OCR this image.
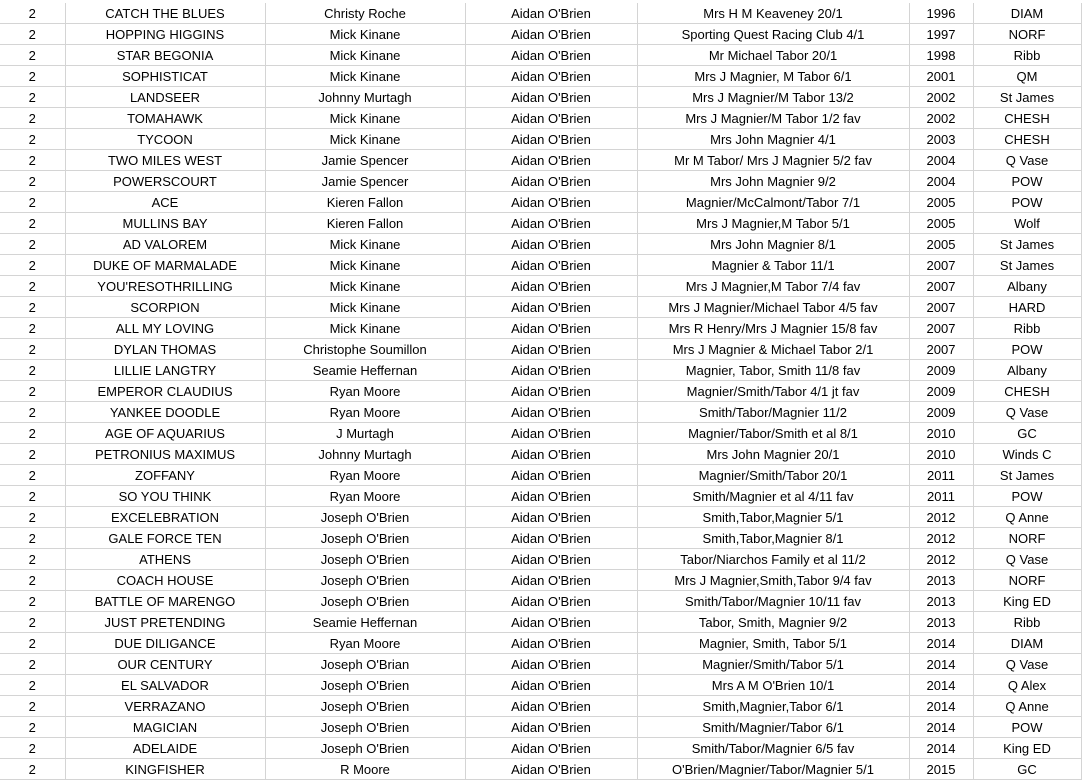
2	CATCH THE BLUES	Christy Roche	Aidan O'Brien	Mrs H M Keaveney 20/1	1996	DIAM
2	HOPPING HIGGINS	Mick Kinane	Aidan O'Brien	Sporting Quest Racing Club 4/1	1997	NORF
2	STAR BEGONIA	Mick Kinane	Aidan O'Brien	Mr Michael Tabor 20/1	1998	Ribb
2	SOPHISTICAT	Mick Kinane	Aidan O'Brien	Mrs J Magnier, M Tabor 6/1	2001	QM
2	LANDSEER	Johnny Murtagh	Aidan O'Brien	Mrs J Magnier/M Tabor 13/2	2002	St James
2	TOMAHAWK	Mick Kinane	Aidan O'Brien	Mrs J Magnier/M Tabor 1/2 fav	2002	CHESH
2	TYCOON	Mick Kinane	Aidan O'Brien	Mrs John Magnier 4/1	2003	CHESH
2	TWO MILES WEST	Jamie Spencer	Aidan O'Brien	Mr M Tabor/ Mrs J Magnier 5/2 fav	2004	Q Vase
2	POWERSCOURT	Jamie Spencer	Aidan O'Brien	Mrs John Magnier 9/2	2004	POW
2	ACE	Kieren Fallon	Aidan O'Brien	Magnier/McCalmont/Tabor 7/1	2005	POW
2	MULLINS BAY	Kieren Fallon	Aidan O'Brien	Mrs J Magnier,M Tabor 5/1	2005	Wolf
2	AD VALOREM	Mick Kinane	Aidan O'Brien	Mrs John Magnier 8/1	2005	St James
2	DUKE OF MARMALADE	Mick Kinane	Aidan O'Brien	Magnier & Tabor 11/1	2007	St James
2	YOU'RESOTHRILLING	Mick Kinane	Aidan O'Brien	Mrs J Magnier,M Tabor 7/4 fav	2007	Albany
2	SCORPION	Mick Kinane	Aidan O'Brien	Mrs J Magnier/Michael Tabor 4/5 fav	2007	HARD
2	ALL MY LOVING	Mick Kinane	Aidan O'Brien	Mrs R Henry/Mrs J Magnier 15/8 fav	2007	Ribb
2	DYLAN THOMAS	Christophe Soumillon	Aidan O'Brien	Mrs J Magnier & Michael Tabor 2/1	2007	POW
2	LILLIE LANGTRY	Seamie Heffernan	Aidan O'Brien	Magnier, Tabor, Smith 11/8 fav	2009	Albany
2	EMPEROR CLAUDIUS	Ryan Moore	Aidan O'Brien	Magnier/Smith/Tabor 4/1 jt fav	2009	CHESH
2	YANKEE DOODLE	Ryan Moore	Aidan O'Brien	Smith/Tabor/Magnier 11/2	2009	Q Vase
2	AGE OF AQUARIUS	J Murtagh	Aidan O'Brien	Magnier/Tabor/Smith et al 8/1	2010	GC
2	PETRONIUS MAXIMUS	Johnny Murtagh	Aidan O'Brien	Mrs John Magnier 20/1	2010	Winds C
2	ZOFFANY	Ryan Moore	Aidan O'Brien	Magnier/Smith/Tabor 20/1	2011	St James
2	SO YOU THINK	Ryan Moore	Aidan O'Brien	Smith/Magnier et al 4/11 fav	2011	POW
2	EXCELEBRATION	Joseph O'Brien	Aidan O'Brien	Smith,Tabor,Magnier 5/1	2012	Q Anne
2	GALE FORCE TEN	Joseph O'Brien	Aidan O'Brien	Smith,Tabor,Magnier 8/1	2012	NORF
2	ATHENS	Joseph O'Brien	Aidan O'Brien	Tabor/Niarchos Family et al 11/2	2012	Q Vase
2	COACH HOUSE	Joseph O'Brien	Aidan O'Brien	Mrs J Magnier,Smith,Tabor 9/4 fav	2013	NORF
2	BATTLE OF MARENGO	Joseph O'Brien	Aidan O'Brien	Smith/Tabor/Magnier 10/11 fav	2013	King ED
2	JUST PRETENDING	Seamie Heffernan	Aidan O'Brien	Tabor, Smith, Magnier 9/2	2013	Ribb
2	DUE DILIGANCE	Ryan Moore	Aidan O'Brien	Magnier, Smith, Tabor 5/1	2014	DIAM
2	OUR CENTURY	Joseph O'Brian	Aidan O'Brien	Magnier/Smith/Tabor 5/1	2014	Q Vase
2	EL SALVADOR	Joseph O'Brien	Aidan O'Brien	Mrs A M O'Brien 10/1	2014	Q Alex
2	VERRAZANO	Joseph O'Brien	Aidan O'Brien	Smith,Magnier,Tabor 6/1	2014	Q Anne
2	MAGICIAN	Joseph O'Brien	Aidan O'Brien	Smith/Magnier/Tabor 6/1	2014	POW
2	ADELAIDE	Joseph O'Brien	Aidan O'Brien	Smith/Tabor/Magnier 6/5 fav	2014	King ED
2	KINGFISHER	R Moore	Aidan O'Brien	O'Brien/Magnier/Tabor/Magnier 5/1	2015	GC
